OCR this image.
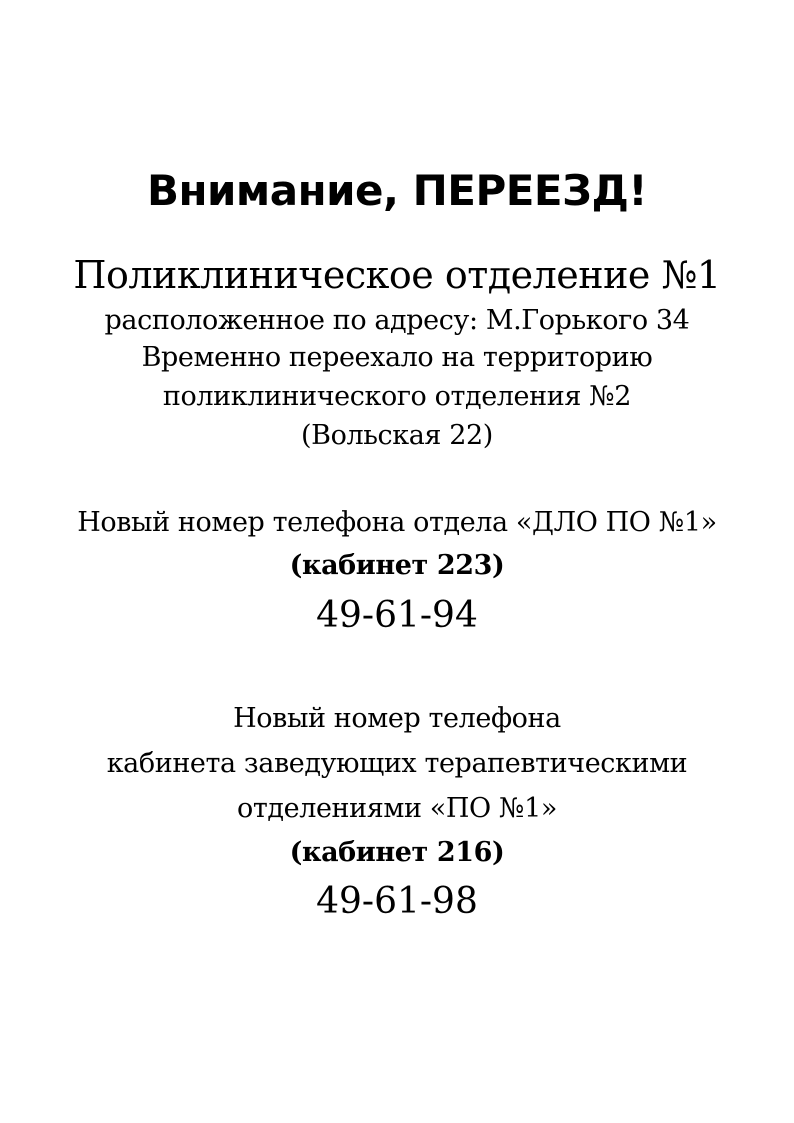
Внимание, ПЕРЕЕЗД!
Поликлиническое отделение №1
расположенное по адресу: М.Горького 34
Временно переехало на территорию
поликлинического отделения №2
(Вольская 22)
Новый номер телефона отдела «ДЛО ПО №1»
(кабинет 223)
49-61-94
Новый номер телефона
кабинета заведующих терапевтическими
отделениями «ПО №1»
(кабинет 216)
49-61-98
